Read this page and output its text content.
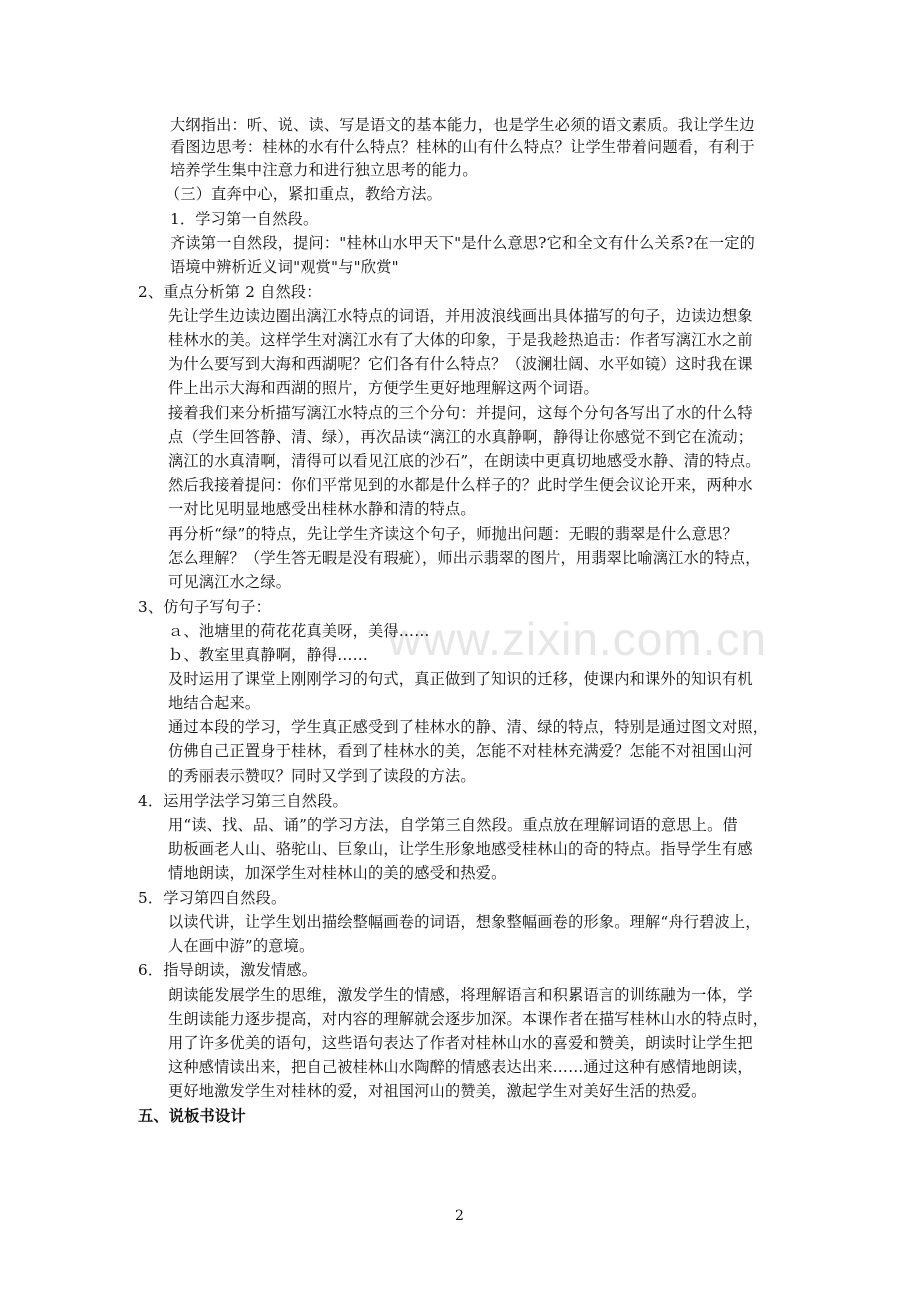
www.zixin.com.cn
大纲指出：听、说、读、写是语文的基本能力，也是学生必须的语文素质。我让学生边
看图边思考：桂林的水有什么特点？桂林的山有什么特点？让学生带着问题看，有利于
培养学生集中注意力和进行独立思考的能力。
（三）直奔中心，紧扣重点，教给方法。
1．学习第一自然段。
齐读第一自然段，提问："桂林山水甲天下"是什么意思?它和全文有什么关系?在一定的
语境中辨析近义词"观赏"与"欣赏"
2、重点分析第 2 自然段：
先让学生边读边圈出漓江水特点的词语，并用波浪线画出具体描写的句子，边读边想象
桂林水的美。这样学生对漓江水有了大体的印象，于是我趁热追击：作者写漓江水之前
为什么要写到大海和西湖呢？它们各有什么特点？（波澜壮阔、水平如镜）这时我在课
件上出示大海和西湖的照片，方便学生更好地理解这两个词语。
接着我们来分析描写漓江水特点的三个分句：并提问，这每个分句各写出了水的什么特
点（学生回答静、清、绿），再次品读“漓江的水真静啊，静得让你感觉不到它在流动；
漓江的水真清啊，清得可以看见江底的沙石”，在朗读中更真切地感受水静、清的特点。
然后我接着提问：你们平常见到的水都是什么样子的？此时学生便会议论开来，两种水
一对比见明显地感受出桂林水静和清的特点。
再分析“绿”的特点，先让学生齐读这个句子，师抛出问题：无暇的翡翠是什么意思？
怎么理解？（学生答无暇是没有瑕疵），师出示翡翠的图片，用翡翠比喻漓江水的特点，
可见漓江水之绿。
3、仿句子写句子：
ａ、池塘里的荷花花真美呀，美得……
ｂ、教室里真静啊，静得……
及时运用了课堂上刚刚学习的句式，真正做到了知识的迁移，使课内和课外的知识有机
地结合起来。
通过本段的学习，学生真正感受到了桂林水的静、清、绿的特点，特别是通过图文对照，
仿佛自己正置身于桂林，看到了桂林水的美，怎能不对桂林充满爱？怎能不对祖国山河
的秀丽表示赞叹？同时又学到了读段的方法。
4．运用学法学习第三自然段。
用“读、找、品、诵”的学习方法，自学第三自然段。重点放在理解词语的意思上。借
助板画老人山、骆驼山、巨象山，让学生形象地感受桂林山的奇的特点。指导学生有感
情地朗读，加深学生对桂林山的美的感受和热爱。
5．学习第四自然段。
以读代讲，让学生划出描绘整幅画卷的词语，想象整幅画卷的形象。理解“舟行碧波上，
人在画中游”的意境。
6．指导朗读，激发情感。
朗读能发展学生的思维，激发学生的情感，将理解语言和积累语言的训练融为一体，学
生朗读能力逐步提高，对内容的理解就会逐步加深。本课作者在描写桂林山水的特点时，
用了许多优美的语句，这些语句表达了作者对桂林山水的喜爱和赞美，朗读时让学生把
这种感情读出来，把自己被桂林山水陶醉的情感表达出来……通过这种有感情地朗读，
更好地激发学生对桂林的爱，对祖国河山的赞美，激起学生对美好生活的热爱。
五、说板书设计
2
